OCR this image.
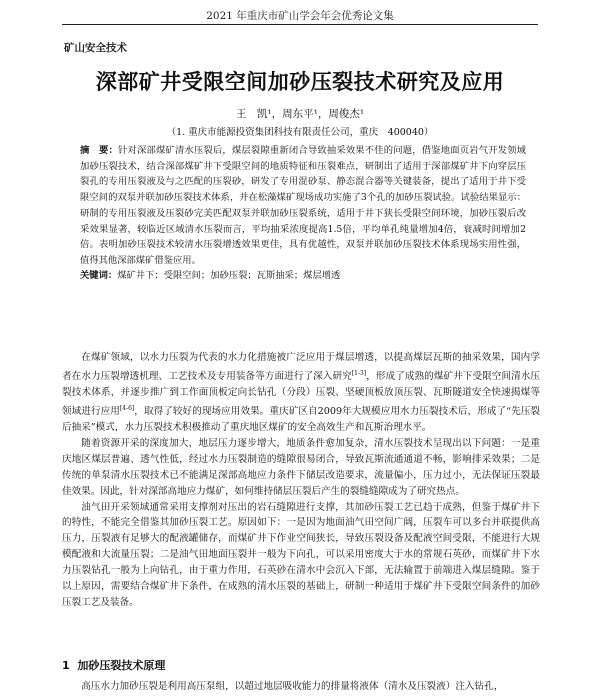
2021 年重庆市矿山学会年会优秀论文集
矿山安全技术
深部矿井受限空间加砂压裂技术研究及应用
王　凯¹，周东平¹，周俊杰¹
（1. 重庆市能源投资集团科技有限责任公司，重庆　400040）
摘　要：针对深部煤矿清水压裂后，煤层裂隙重新闭合导致抽采效果不佳的问题，借鉴地面页岩气开发领域加砂压裂技术，结合深部煤矿井下受限空间的地质特征和压裂难点，研制出了适用于深部煤矿井下向穿层压裂孔的专用压裂液及与之匹配的压裂砂，研发了专用混砂泵、静态混合器等关键装备，提出了适用于井下受限空间的双泵并联加砂压裂技术体系，并在松藻煤矿现场成功实施了3个孔的加砂压裂试验。试验结果显示：研制的专用压裂液及压裂砂完美匹配双泵并联加砂压裂系统，适用于井下狭长受限空间环境，加砂压裂后改采效果显著，较临近区域清水压裂而言，平均抽采浓度提高1.5倍，平均单孔纯量增加4倍，衰减时间增加2倍。表明加砂压裂技术较清水压裂增透效果更佳，具有优越性，双泵并联加砂压裂技术体系现场实用性强，值得其他深部煤矿借鉴应用。
关键词：煤矿井下；受限空间；加砂压裂；瓦斯抽采；煤层增透

在煤矿领域，以水力压裂为代表的水力化措施被广泛应用于煤层增透，以提高煤层瓦斯的抽采效果，国内学者在水力压裂增透机理、工艺技术及专用装备等方面进行了深入研究[1-3]，形成了成熟的煤矿井下受限空间清水压裂技术体系，并逐步推广到工作面顶板定向长钻孔（分段）压裂、坚硬顶板放顶压裂、瓦斯隧道安全快速揭煤等领域进行应用[4-6]，取得了较好的现场应用效果。重庆矿区自2009年大规模应用水力压裂技术后，形成了“先压裂后抽采”模式，水力压裂技术积极推动了重庆地区煤矿的安全高效生产和瓦斯治理水平。

随着资源开采的深度加大，地层压力逐步增大，地质条件愈加复杂，清水压裂技术呈现出以下问题：一是重庆地区煤层普遍、透气性低，经过水力压裂制造的缝隙很易闭合，导致瓦斯流通通道不畅，影响排采效果；二是传统的单泵清水压裂技术已不能满足深部高地应力条件下储层改造要求，流量偏小，压力过小，无法保证压裂最佳效果。因此，针对深部高地应力煤矿，如何维持储层压裂后产生的裂缝缝隙成为了研究热点。

油气田开采领域通常采用支撑剂对压出的岩石缝隙进行支撑，其加砂压裂工艺已趋于成熟，但鉴于煤矿井下的特性，不能完全借鉴其加砂压裂工艺。原因如下：一是因为地面油气田空间广阔，压裂车可以多台并联提供高压力，压裂液有足够大的配液罐储存，而煤矿井下作业空间狭长，导致压裂设备及配液空间受限，不能进行大规模配液和大流量压裂；二是油气田地面压裂井一般为下向孔，可以采用密度大于水的常规石英砂，而煤矿井下水力压裂钻孔一般为上向钻孔，由于重力作用，石英砂在清水中会沉入下部，无法输置于前端进入煤层缝隙。鉴于以上原因，需要结合煤矿井下条件，在成熟的清水压裂的基础上，研制一种适用于煤矿井下受限空间条件的加砂压裂工艺及装备。

1 加砂压裂技术原理
高压水力加砂压裂是利用高压泵组，以超过地层吸收能力的排量将液体（清水及压裂液）注入钻孔，
